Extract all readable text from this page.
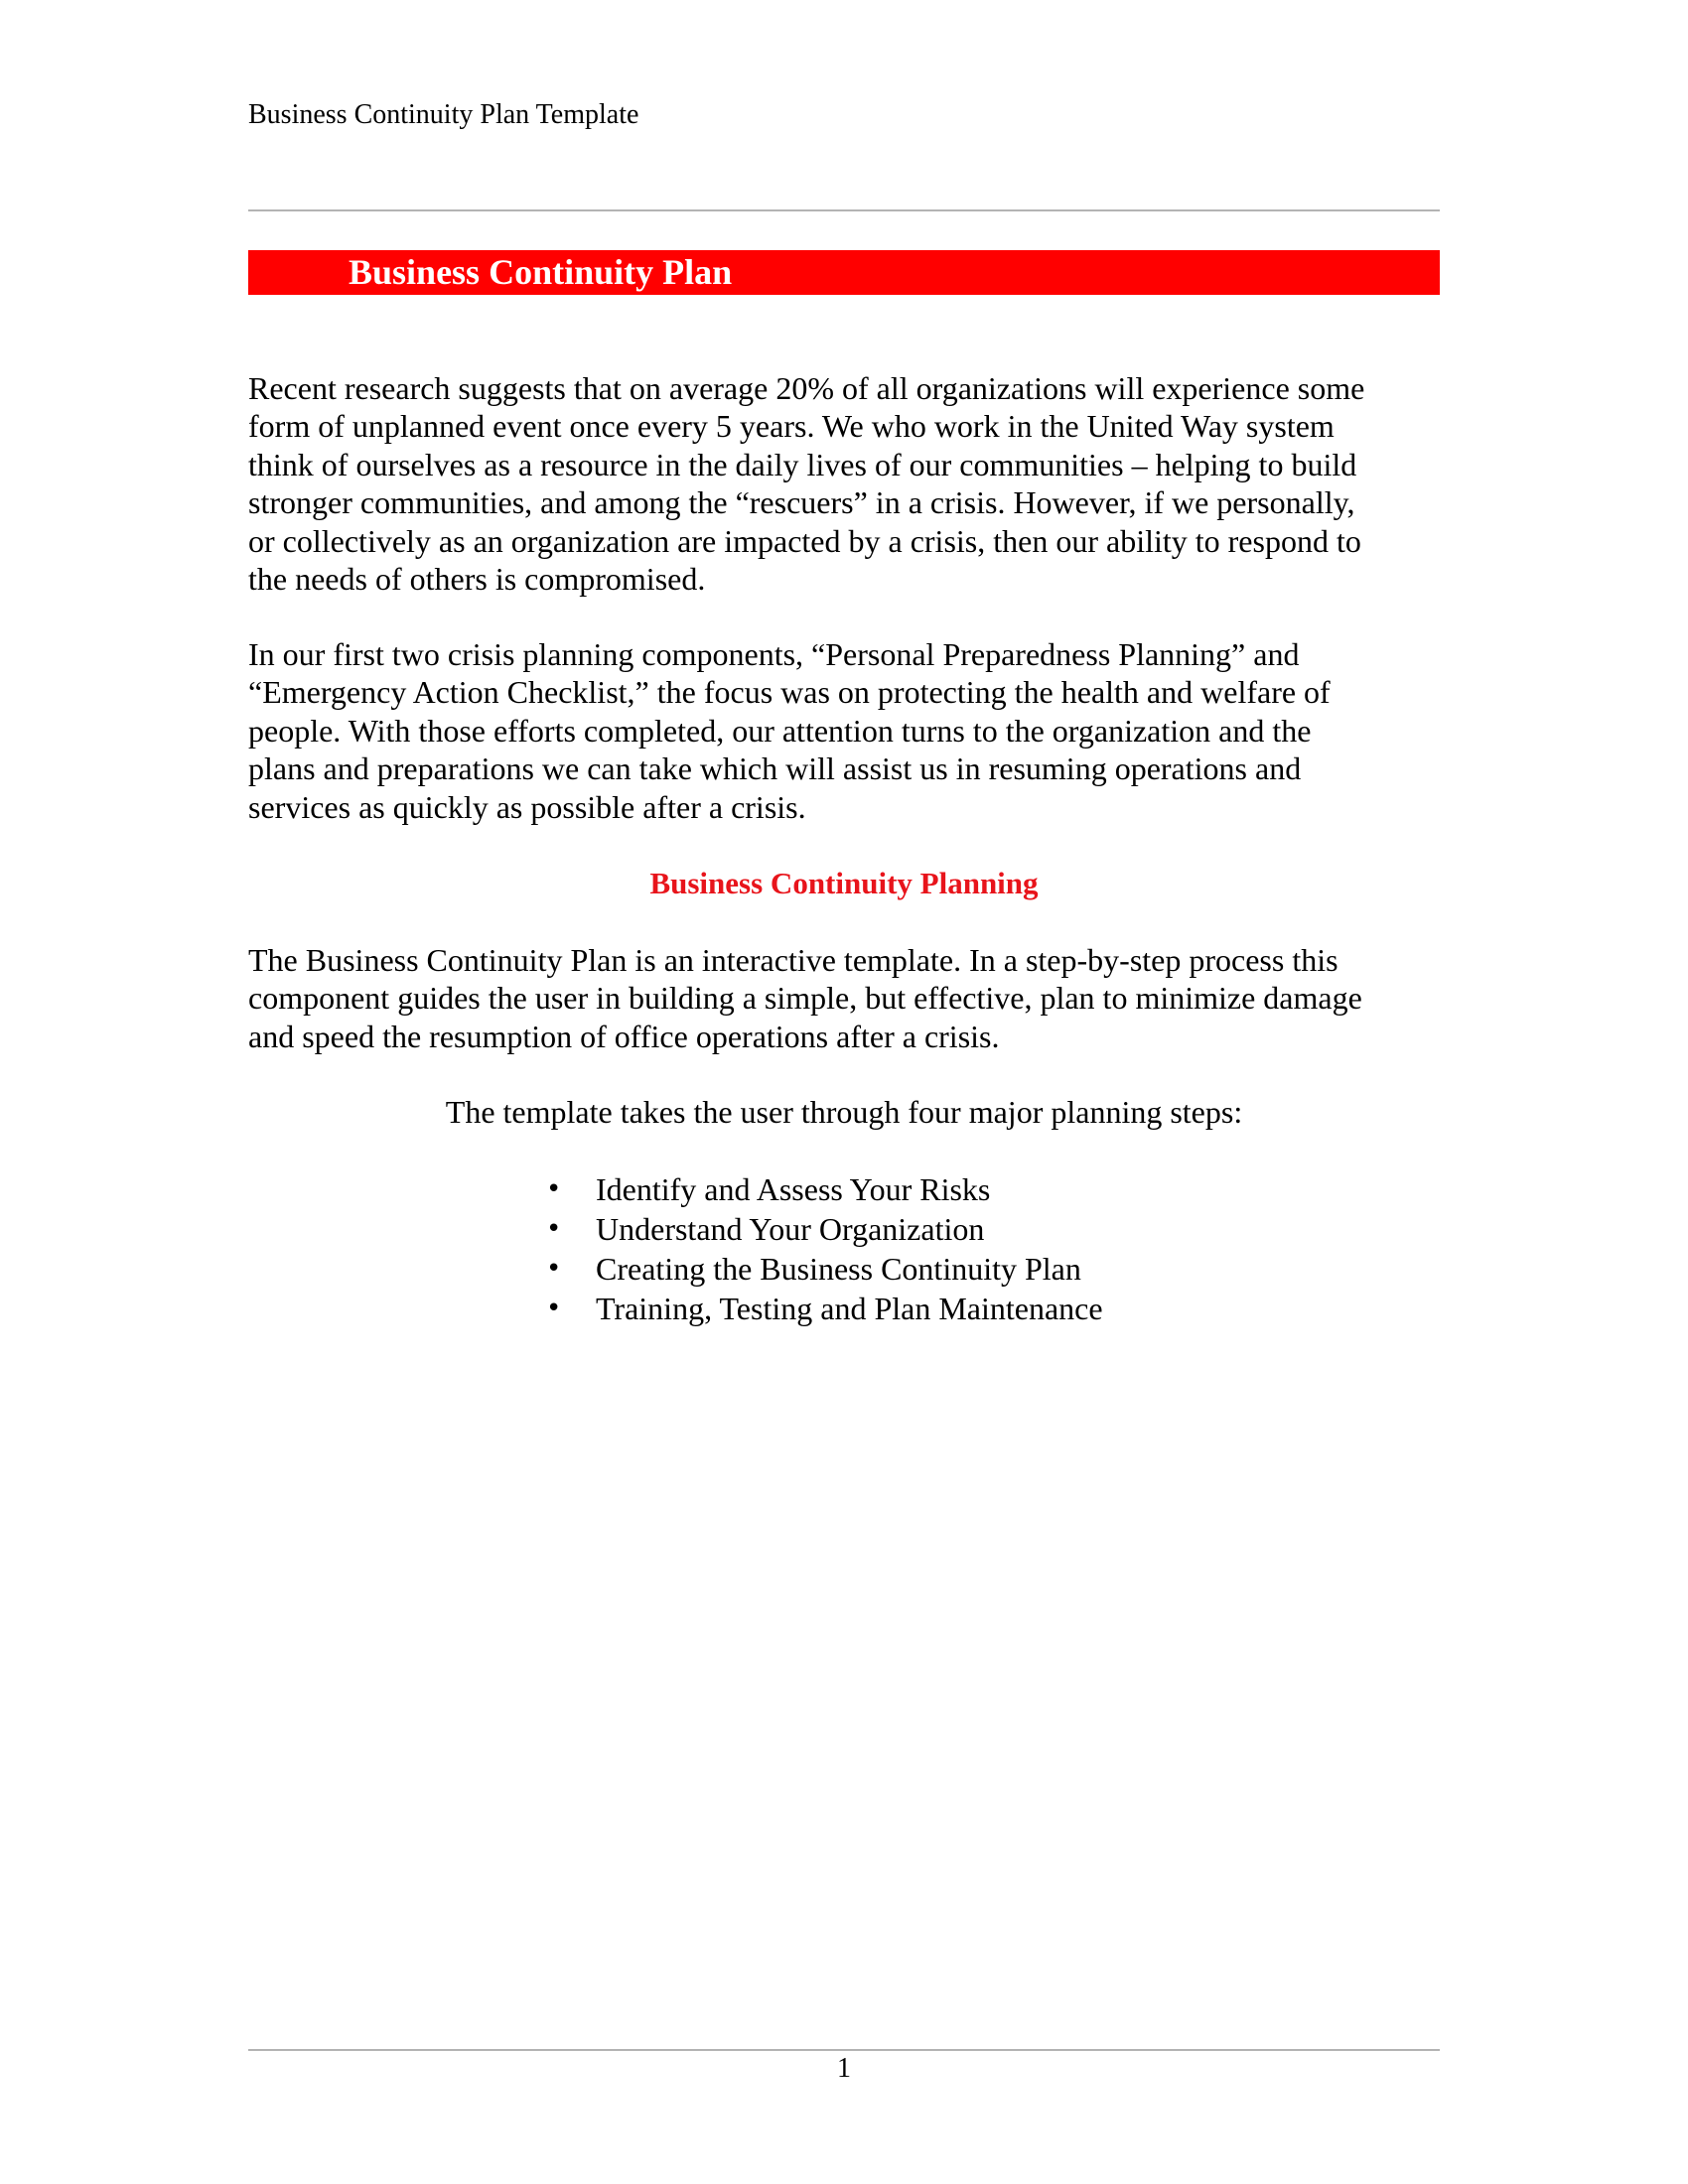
Business Continuity Plan Template
Business Continuity Plan

Recent research suggests that on average 20% of all organizations will experience some
form of unplanned event once every 5 years. We who work in the United Way system
think of ourselves as a resource in the daily lives of our communities – helping to build
stronger communities, and among the “rescuers” in a crisis. However, if we personally,
or collectively as an organization are impacted by a crisis, then our ability to respond to
the needs of others is compromised.

In our first two crisis planning components, “Personal Preparedness Planning” and
“Emergency Action Checklist,” the focus was on protecting the health and welfare of
people. With those efforts completed, our attention turns to the organization and the
plans and preparations we can take which will assist us in resuming operations and
services as quickly as possible after a crisis.

Business Continuity Planning

The Business Continuity Plan is an interactive template. In a step-by-step process this
component guides the user in building a simple, but effective, plan to minimize damage
and speed the resumption of office operations after a crisis.

The template takes the user through four major planning steps:
• Identify and Assess Your Risks
• Understand Your Organization
• Creating the Business Continuity Plan
• Training, Testing and Plan Maintenance
1
